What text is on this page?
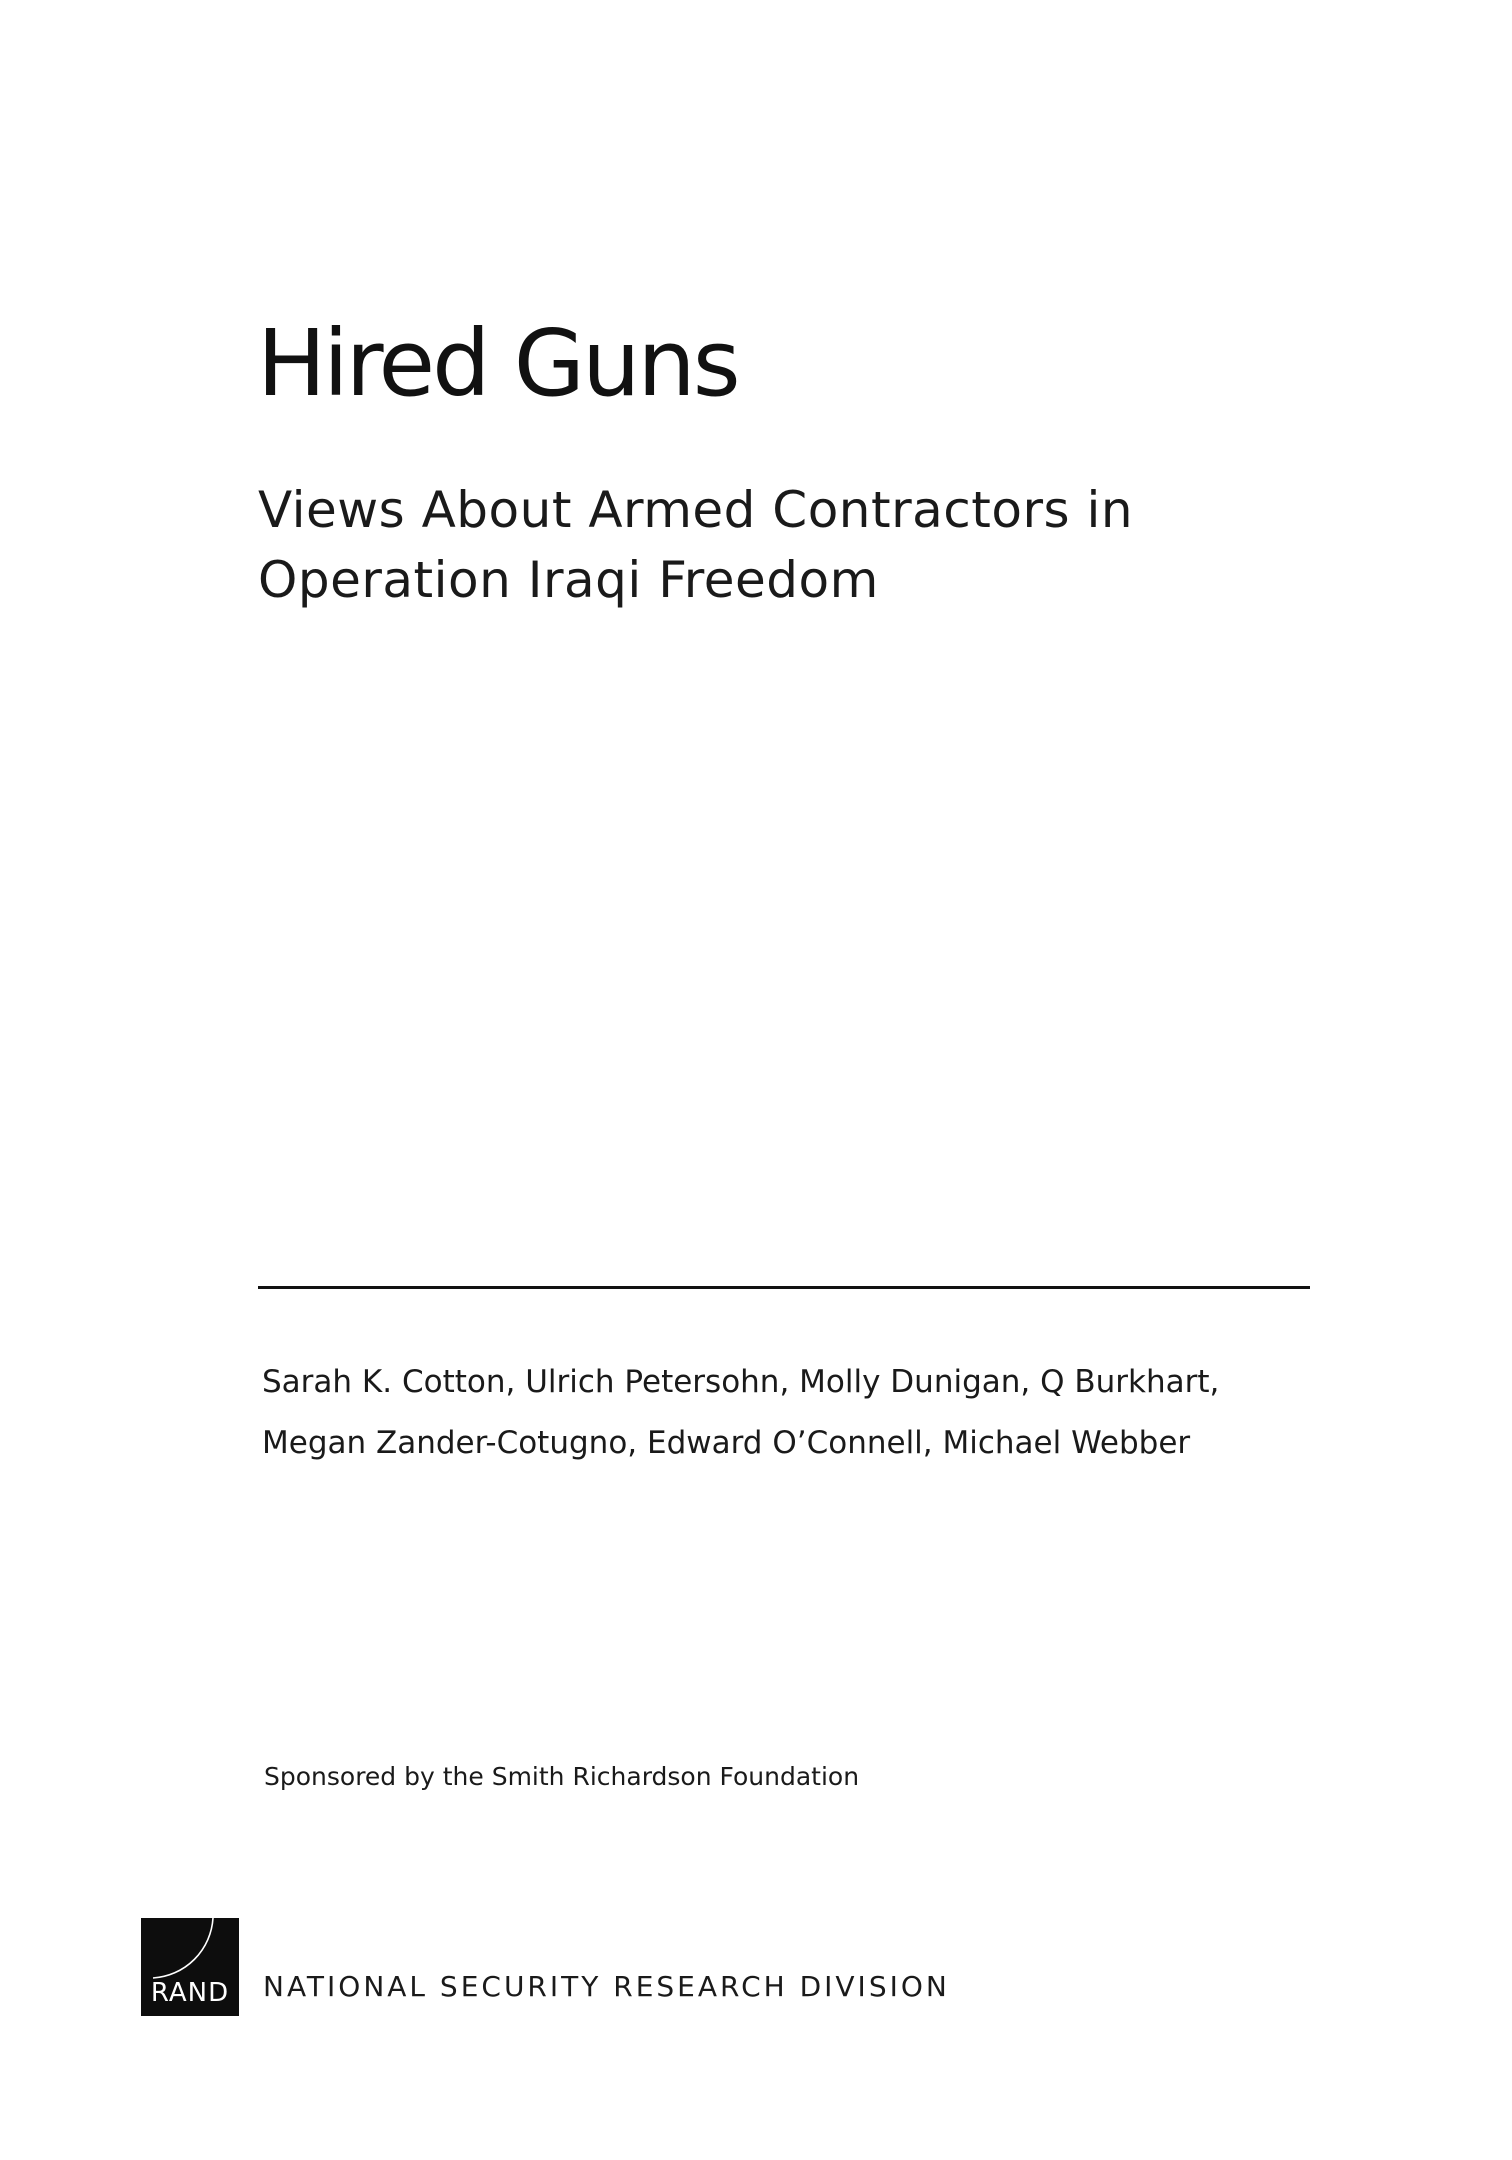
Hired Guns
Views About Armed Contractors in
Operation Iraqi Freedom
Sarah K. Cotton, Ulrich Petersohn, Molly Dunigan, Q Burkhart,
Megan Zander-Cotugno, Edward O’Connell, Michael Webber
Sponsored by the Smith Richardson Foundation
RAND	NATIONAL SECURITY RESEARCH DIVISION
